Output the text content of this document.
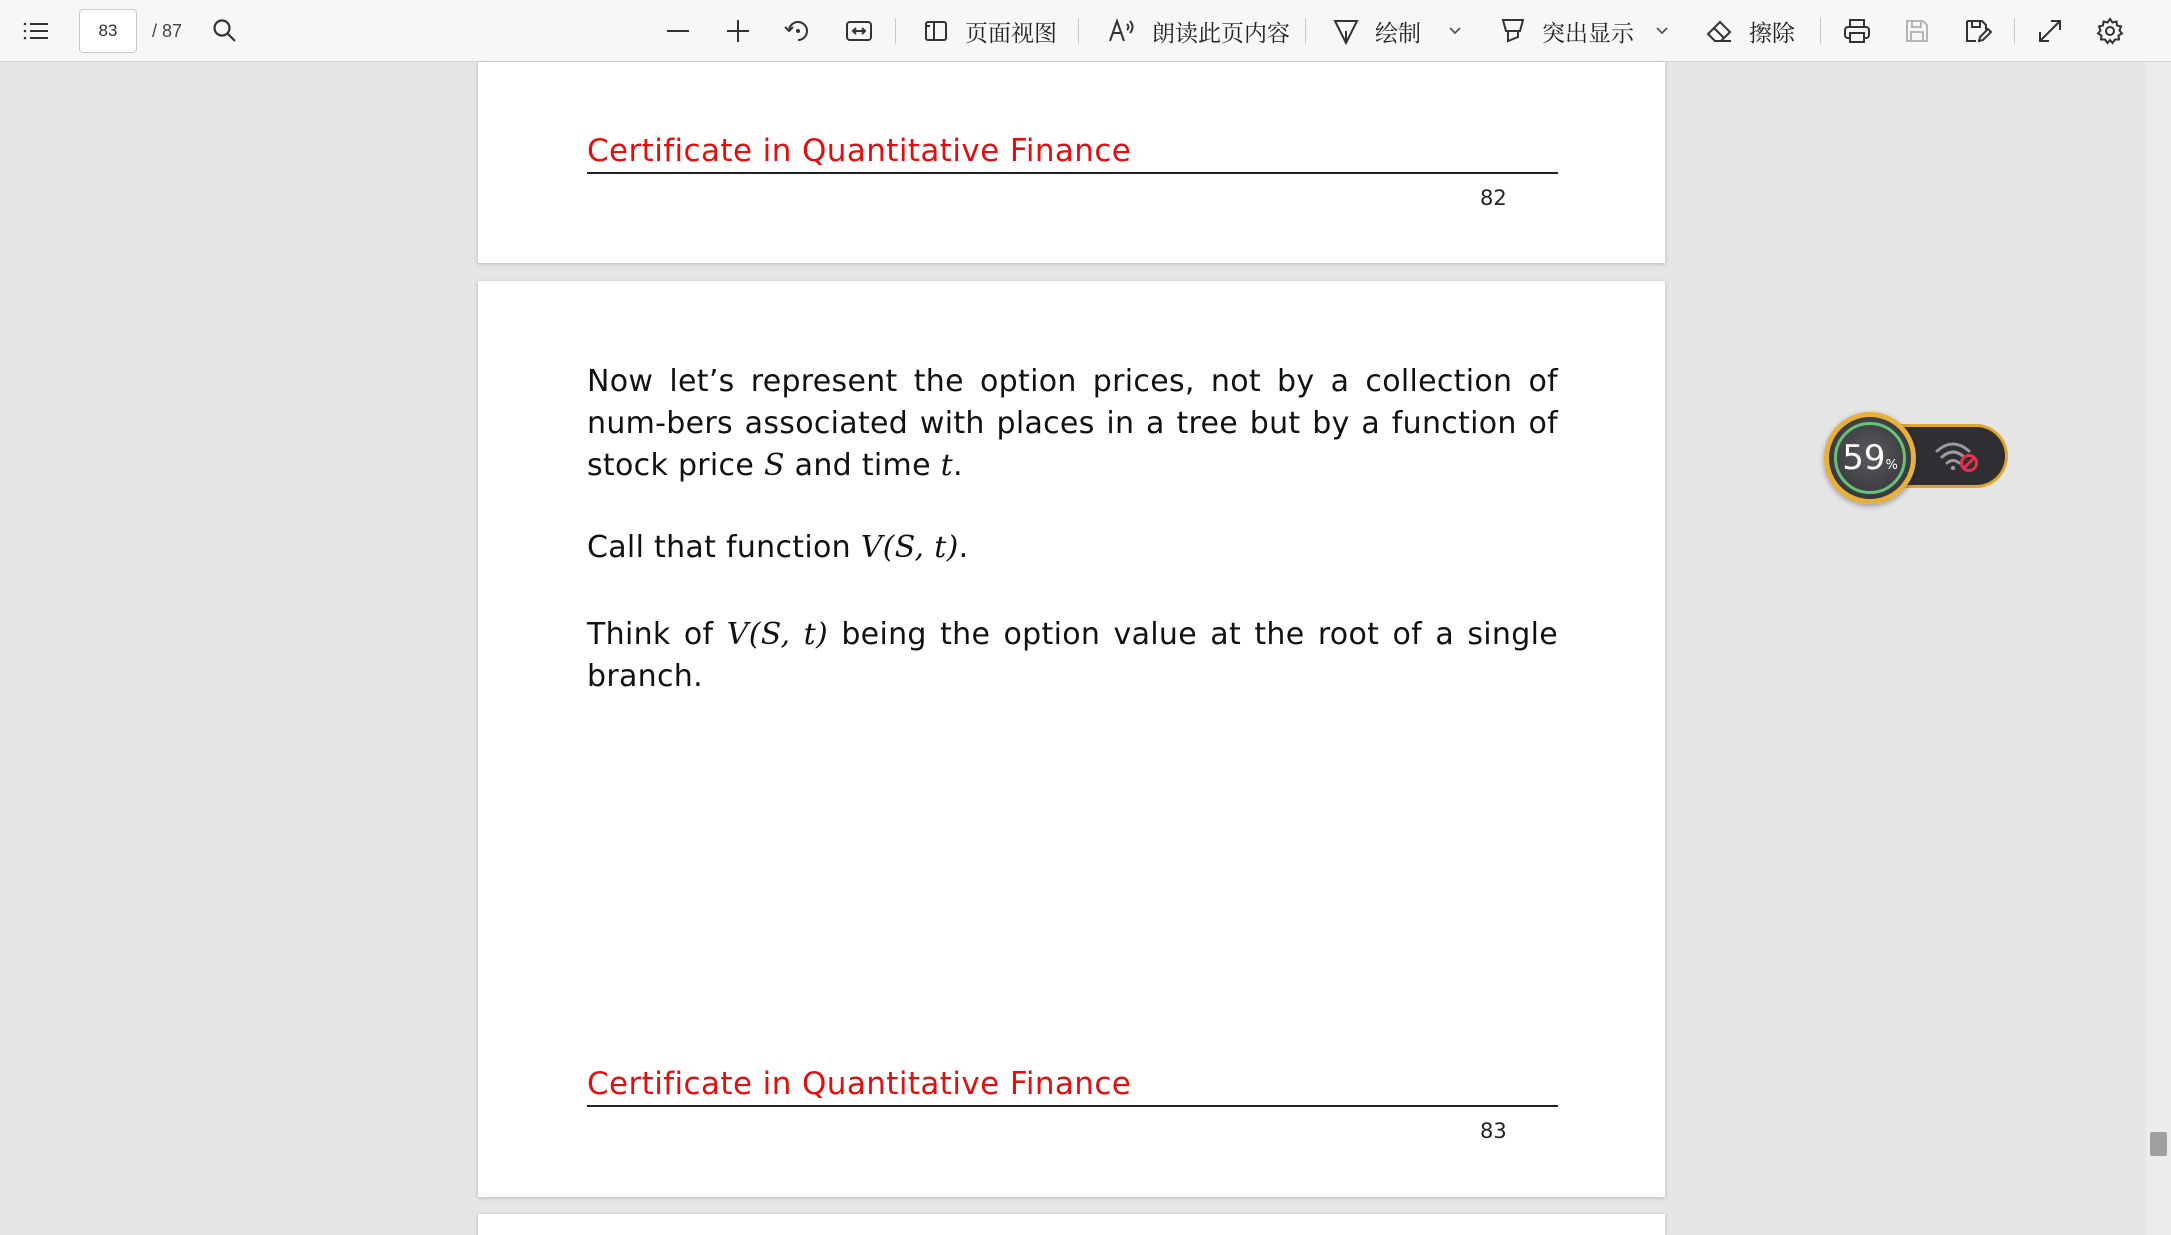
83 / 87	页面视图	朗读此页内容	绘制	突出显示	擦除
Certificate in Quantitative Finance
82

Now let’s represent the option prices, not by a collection of num-bers associated with places in a tree but by a function of stock price S and time t.

Call that function V(S, t).

Think of V(S, t) being the option value at the root of a single branch.

Certificate in Quantitative Finance
83
59%
